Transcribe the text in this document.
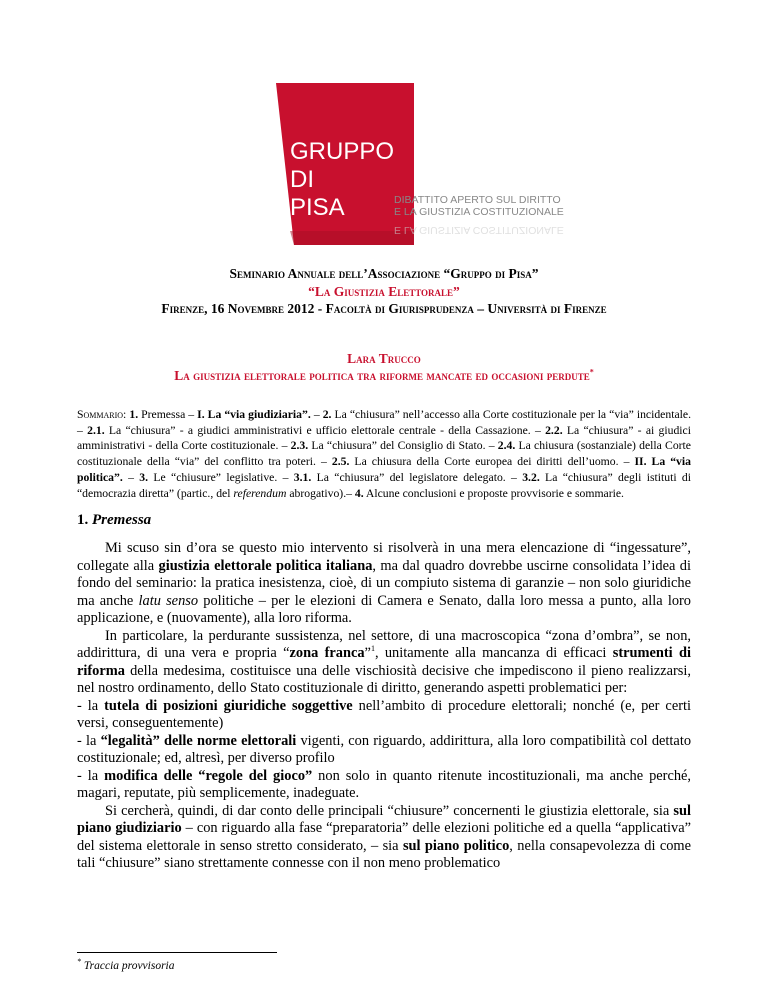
GRUPPO
DI
PISA	DIBATTITO APERTO SUL DIRITTO
E LA GIUSTIZIA COSTITUZIONALE
E LA GIUSTIZIA COSTITUZIONALE
Seminario Annuale dell’Associazione “Gruppo di Pisa”
“La Giustizia Elettorale”
Firenze, 16 Novembre 2012 - Facoltà di Giurisprudenza – Università di Firenze
Lara Trucco
La giustizia elettorale politica tra riforme mancate ed occasioni perdute*
Sommario: 1. Premessa – I. La “via giudiziaria”. – 2. La “chiusura” nell’accesso alla Corte costituzionale per la “via” incidentale. – 2.1. La “chiusura” - a giudici amministrativi e ufficio elettorale centrale - della Cassazione. – 2.2. La “chiusura” - ai giudici amministrativi - della Corte costituzionale. – 2.3. La “chiusura” del Consiglio di Stato. – 2.4. La chiusura (sostanziale) della Corte costituzionale della “via” del conflitto tra poteri. – 2.5. La chiusura della Corte europea dei diritti dell’uomo. – II. La “via politica”. – 3. Le “chiusure” legislative. – 3.1. La “chiusura” del legislatore delegato. – 3.2. La “chiusura” degli istituti di “democrazia diretta” (partic., del referendum abrogativo).– 4. Alcune conclusioni e proposte provvisorie e sommarie.
1. Premessa

Mi scuso sin d’ora se questo mio intervento si risolverà in una mera elencazione di “ingessature”, collegate alla giustizia elettorale politica italiana, ma dal quadro dovrebbe uscirne consolidata l’idea di fondo del seminario: la pratica inesistenza, cioè, di un compiuto sistema di garanzie – non solo giuridiche ma anche latu senso politiche – per le elezioni di Camera e Senato, dalla loro messa a punto, alla loro applicazione, e (nuovamente), alla loro riforma.

In particolare, la perdurante sussistenza, nel settore, di una macroscopica “zona d’ombra”, se non, addirittura, di una vera e propria “zona franca”$^1$, unitamente alla mancanza di efficaci strumenti di riforma della medesima, costituisce una delle vischiosità decisive che impediscono il pieno realizzarsi, nel nostro ordinamento, dello Stato costituzionale di diritto, generando aspetti problematici per:

- la tutela di posizioni giuridiche soggettive nell’ambito di procedure elettorali; nonché (e, per certi versi, conseguentemente)

- la “legalità” delle norme elettorali vigenti, con riguardo, addirittura, alla loro compatibilità col dettato costituzionale; ed, altresì, per diverso profilo

- la modifica delle “regole del gioco” non solo in quanto ritenute incostituzionali, ma anche perché, magari, reputate, più semplicemente, inadeguate.

Si cercherà, quindi, di dar conto delle principali “chiusure” concernenti le giustizia elettorale, sia sul piano giudiziario – con riguardo alla fase “preparatoria” delle elezioni politiche ed a quella “applicativa” del sistema elettorale in senso stretto considerato, – sia sul piano politico, nella consapevolezza di come tali “chiusure” siano strettamente connesse con il non meno problematico

* Traccia provvisoria
